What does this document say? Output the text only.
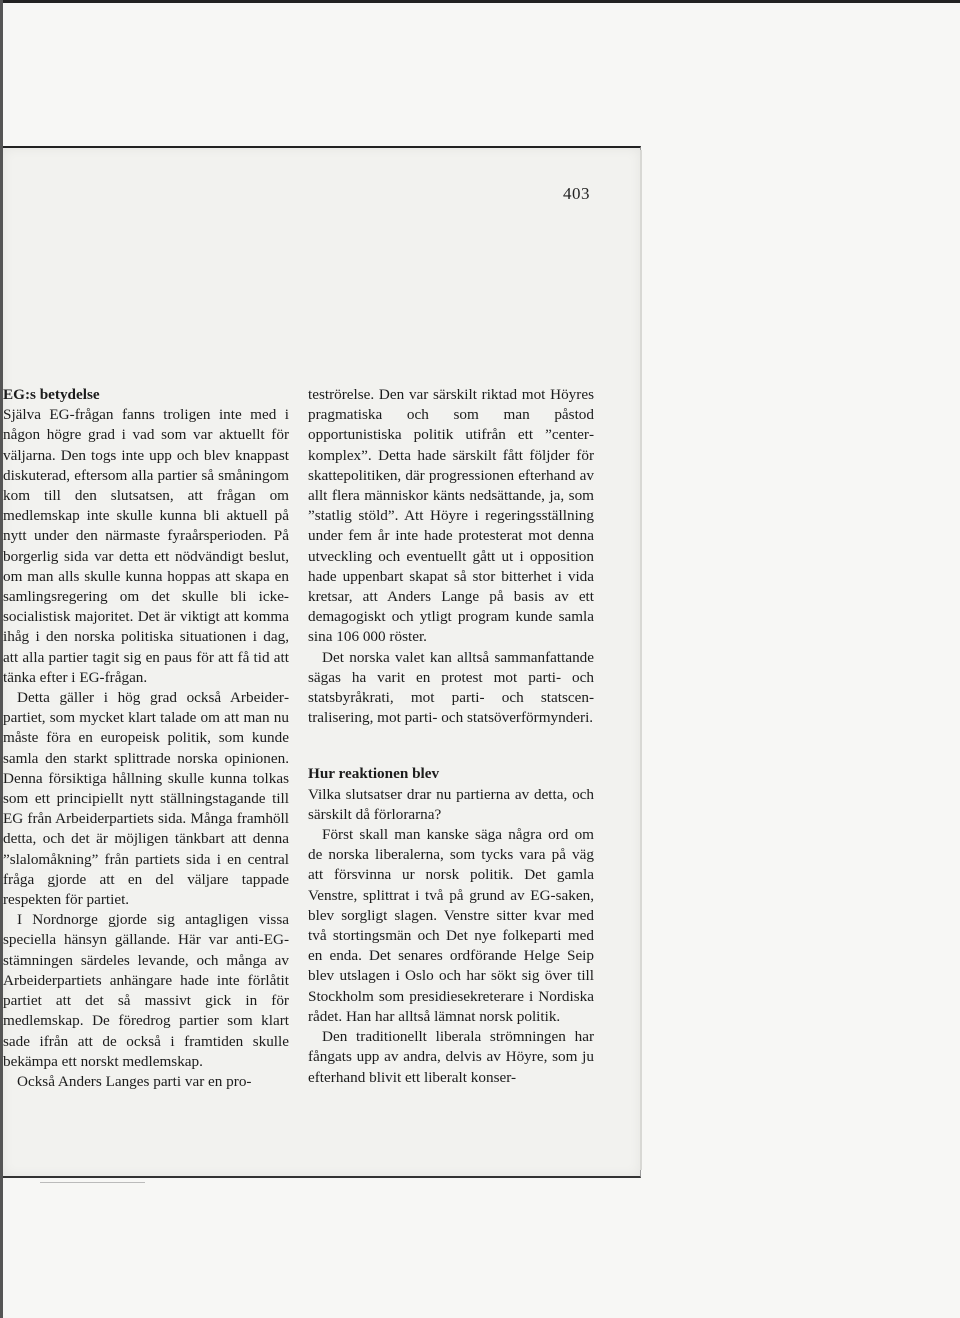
403
EG:s betydelse

Själva EG-frågan fanns troligen inte med i någon högre grad i vad som var aktuellt för väljarna. Den togs inte upp och blev knappast diskuterad, eftersom alla partier så småningom kom till den slutsatsen, att frågan om medlemskap inte skulle kunna bli aktuell på nytt under den närmaste fyraårsperioden. På borgerlig sida var detta ett nödvändigt beslut, om man alls skulle kunna hoppas att skapa en samlingsregering om det skulle bli icke-socialistisk majoritet. Det är viktigt att komma ihåg i den norska politiska situationen i dag, att alla partier tagit sig en paus för att få tid att tänka efter i EG-frågan.

Detta gäller i hög grad också Arbeiderpartiet, som mycket klart talade om att man nu måste föra en europeisk politik, som kunde samla den starkt splittrade norska opinionen. Denna försiktiga hållning skulle kunna tolkas som ett principiellt nytt ställningstagande till EG från Arbeiderpartiets sida. Många framhöll detta, och det är möjligen tänkbart att denna ”slalomåkning” från partiets sida i en central fråga gjorde att en del väljare tappade respekten för partiet.

I Nordnorge gjorde sig antagligen vissa speciella hänsyn gällande. Här var anti-EG-stämningen särdeles levande, och många av Arbeiderpartiets anhängare hade inte förlåtit partiet att det så massivt gick in för medlemskap. De föredrog partier som klart sade ifrån att de också i framtiden skulle bekämpa ett norskt medlemskap.

Också Anders Langes parti var en pro-

teströrelse. Den var särskilt riktad mot Höyres pragmatiska och som man påstod opportunistiska politik utifrån ett ”centerkomplex”. Detta hade särskilt fått följder för skattepolitiken, där progressionen efterhand av allt flera människor känts nedsättande, ja, som ”statlig stöld”. Att Höyre i regeringsställning under fem år inte hade protesterat mot denna utveckling och eventuellt gått ut i opposition hade uppenbart skapat så stor bitterhet i vida kretsar, att Anders Lange på basis av ett demagogiskt och ytligt program kunde samla sina 106 000 röster.

Det norska valet kan alltså sammanfattande sägas ha varit en protest mot parti- och statsbyråkrati, mot parti- och statscentralisering, mot parti- och statsöverförmynderi.

Hur reaktionen blev

Vilka slutsatser drar nu partierna av detta, och särskilt då förlorarna?

Först skall man kanske säga några ord om de norska liberalerna, som tycks vara på väg att försvinna ur norsk politik. Det gamla Venstre, splittrat i två på grund av EG-saken, blev sorgligt slagen. Venstre sitter kvar med två stortingsmän och Det nye folkeparti med en enda. Det senares ordförande Helge Seip blev utslagen i Oslo och har sökt sig över till Stockholm som presidiesekreterare i Nordiska rådet. Han har alltså lämnat norsk politik.

Den traditionellt liberala strömningen har fångats upp av andra, delvis av Höyre, som ju efterhand blivit ett liberalt konser-
